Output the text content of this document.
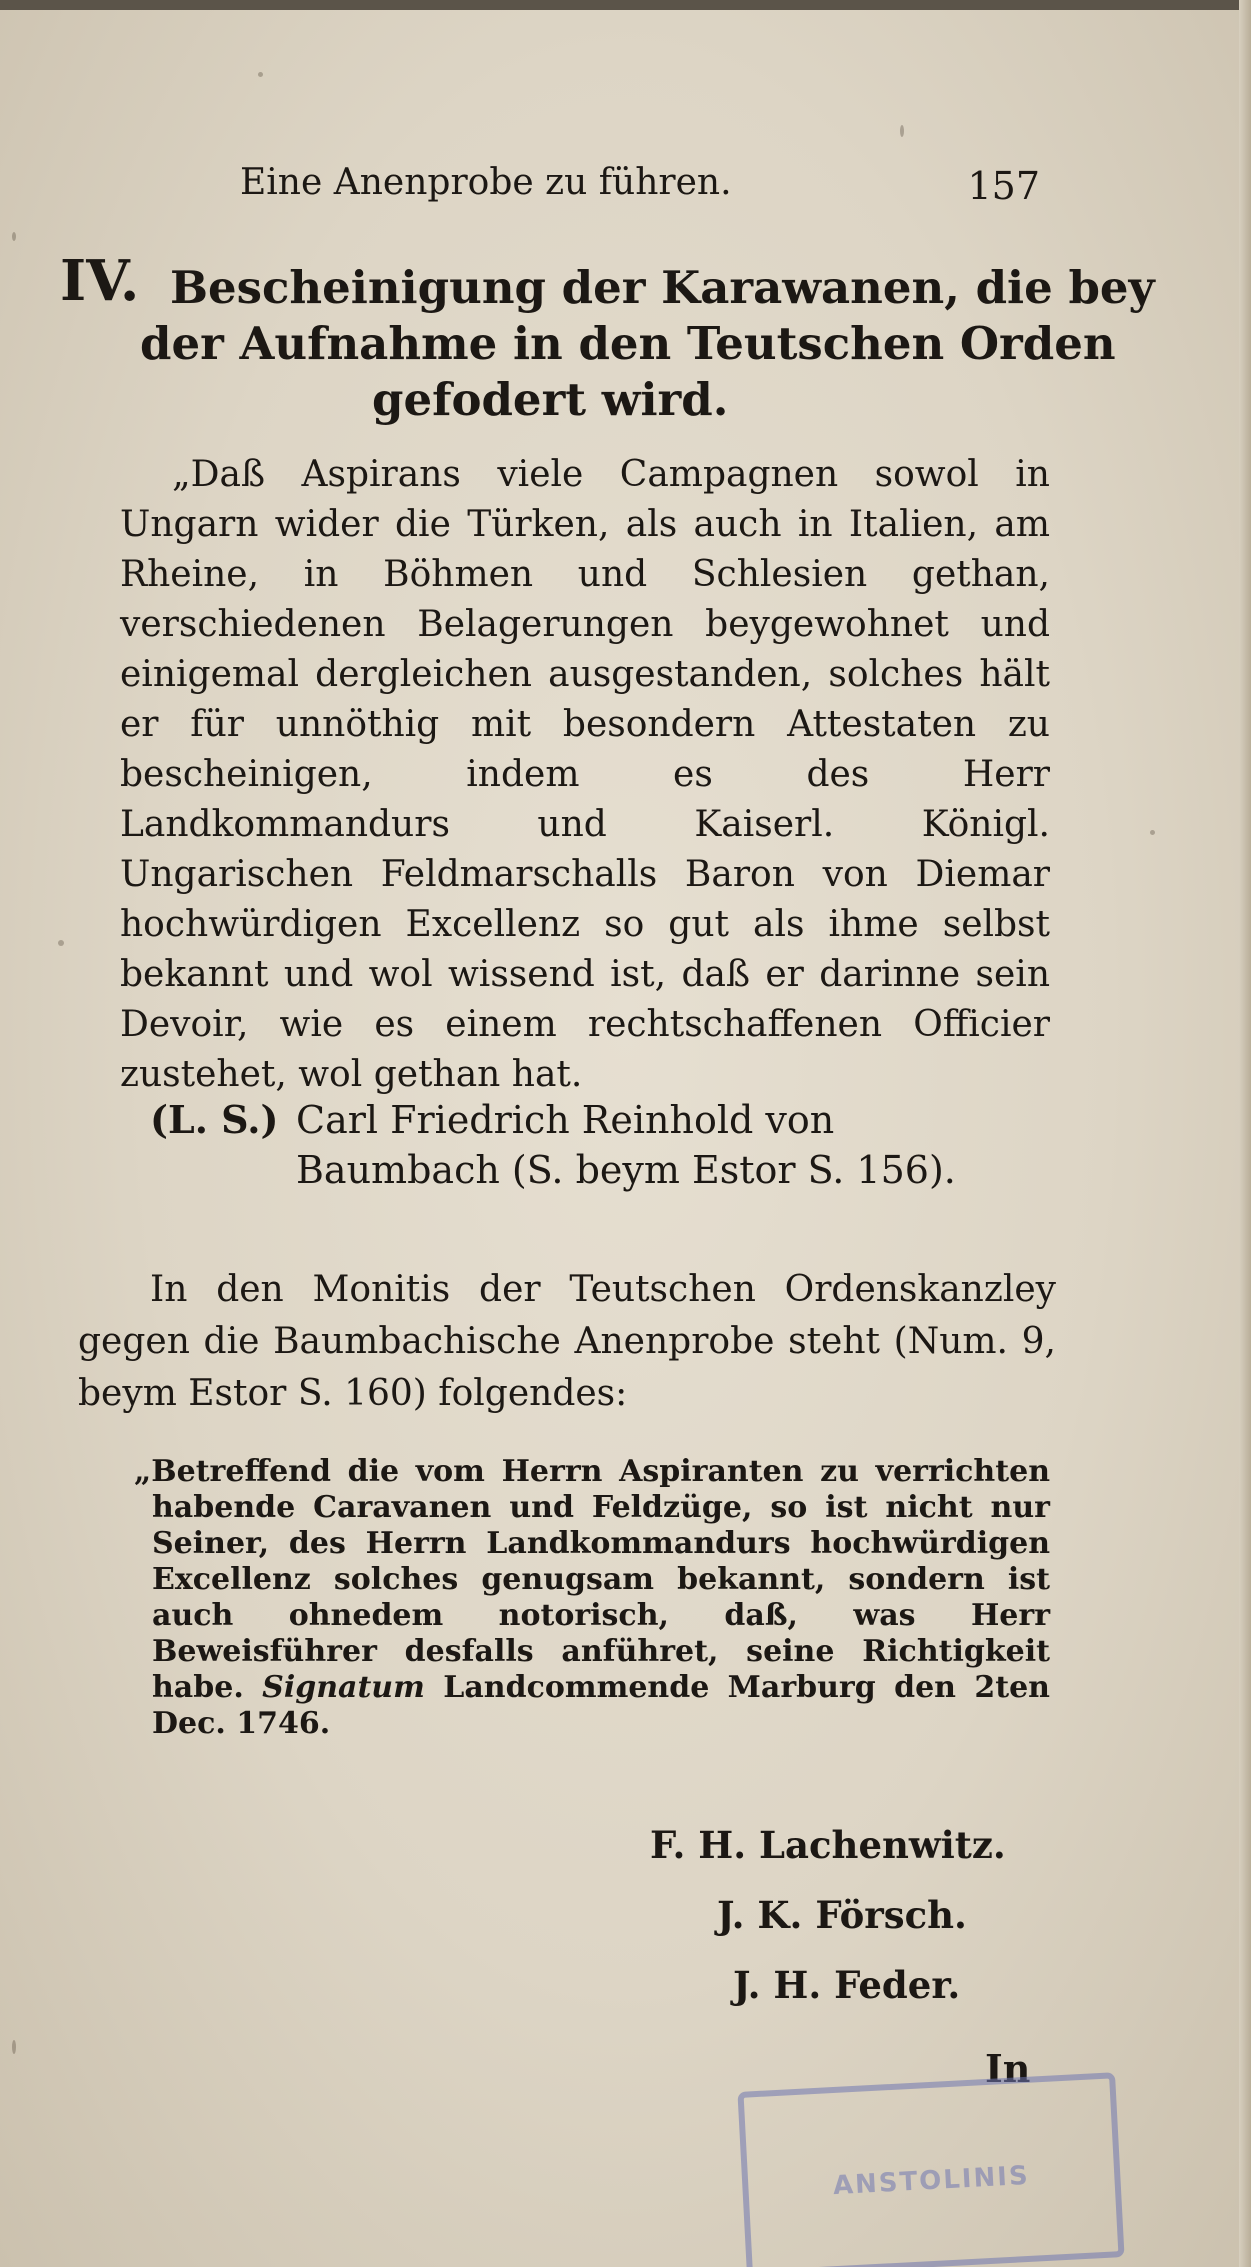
Eine Anenprobe zu führen.	157
IV. Bescheinigung der Karawanen, die bey
der Aufnahme in den Teutschen Orden
gefodert wird.

„Daß Aspirans viele Campagnen sowol in Ungarn wider die Türken, als auch in Italien, am Rheine, in Böhmen und Schlesien gethan, verschiedenen Belagerungen beygewohnet und einigemal dergleichen ausgestanden, solches hält er für unnöthig mit besondern Attestaten zu bescheinigen, indem es des Herr Landkommandurs und Kaiserl. Königl. Ungarischen Feldmarschalls Baron von Diemar hochwürdigen Excellenz so gut als ihme selbst bekannt und wol wissend ist, daß er darinne sein Devoir, wie es einem rechtschaffenen Officier zustehet, wol gethan hat.

(L. S.) Carl Friedrich Reinhold von Baumbach (S. beym Estor S. 156).

In den Monitis der Teutschen Ordenskanzley gegen die Baumbachische Anenprobe steht (Num. 9, beym Estor S. 160) folgendes:

„Betreffend die vom Herrn Aspiranten zu verrichten habende Caravanen und Feldzüge, so ist nicht nur Seiner, des Herrn Landkommandurs hochwürdigen Excellenz solches genugsam bekannt, sondern ist auch ohnedem notorisch, daß, was Herr Beweisführer desfalls anführet, seine Richtigkeit habe. Signatum Landcommende Marburg den 2ten Dec. 1746.

F. H. Lachenwitz.
J. K. Försch.
J. H. Feder.
In
ANSTOLINIS
